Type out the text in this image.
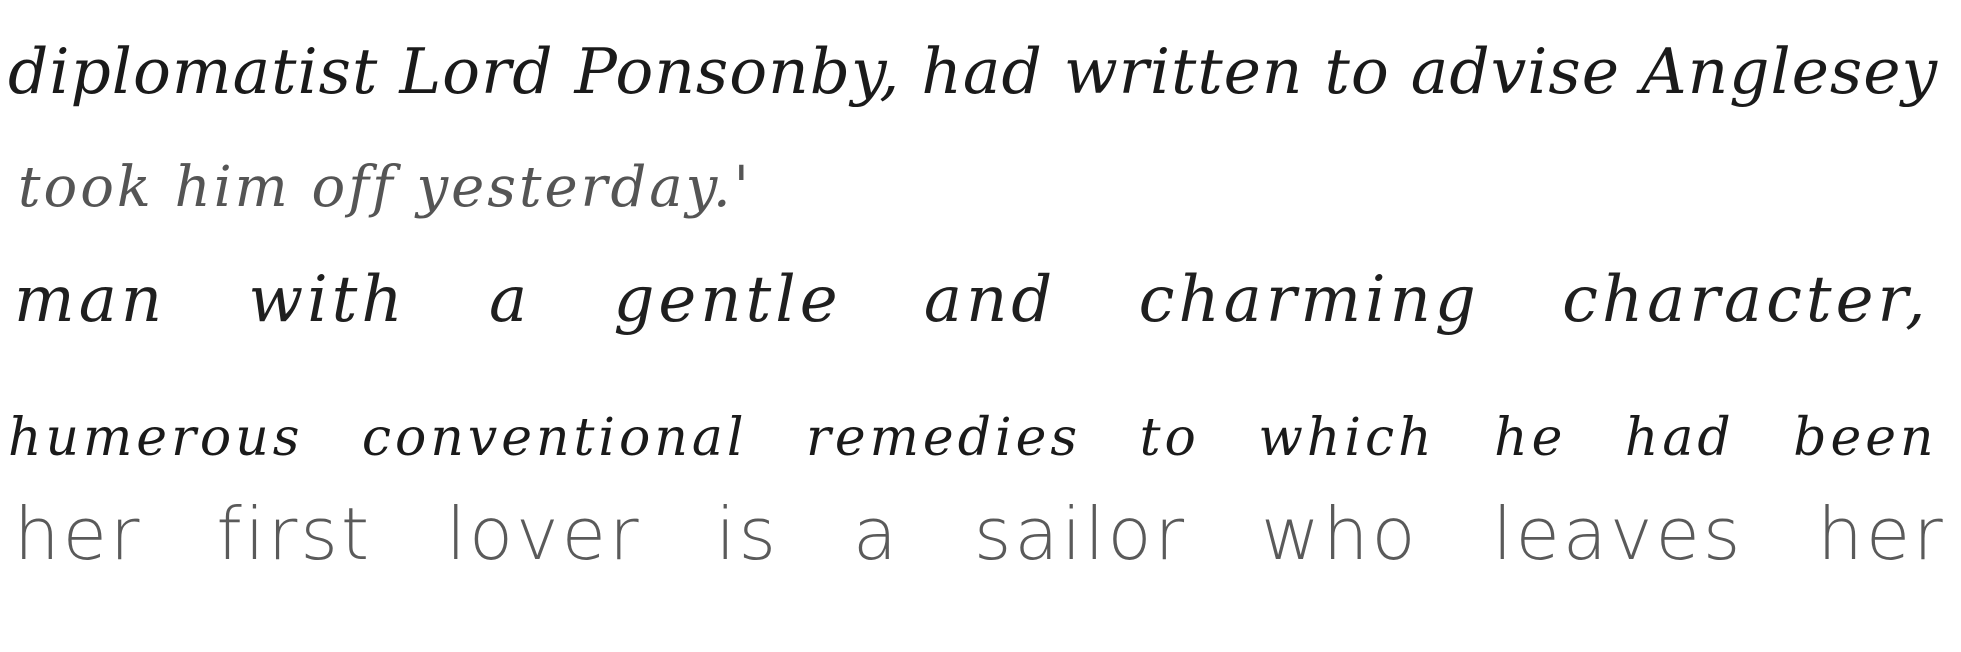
diplomatist Lord Ponsonby, had written to advise Anglesey
took him off yesterday.'
man with a gentle and charming character,
humerous conventional remedies to which he had been
her first lover is a sailor who leaves her
